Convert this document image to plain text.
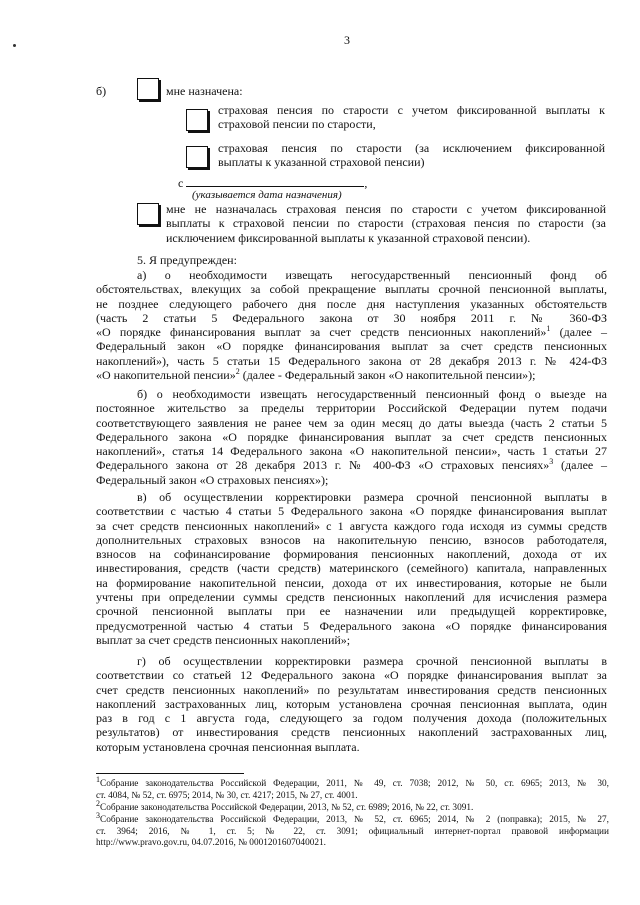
3
б)	мне назначена:
страховая пенсия по старости с учетом фиксированной выплаты к
страховой пенсии по старости,
страховая пенсия по старости (за исключением фиксированной
выплаты к указанной страховой пенсии)
с	,
(указывается дата назначения)
мне не назначалась страховая пенсия по старости с учетом фиксированной
выплаты к страховой пенсии по старости (страховая пенсия по старости (за
исключением фиксированной выплаты к указанной страховой пенсии).
5. Я предупрежден:
а) о необходимости извещать негосударственный пенсионный фонд об
обстоятельствах, влекущих за собой прекращение выплаты срочной пенсионной выплаты,
не позднее следующего рабочего дня после дня наступления указанных обстоятельств
(часть 2 статьи 5 Федерального закона от 30 ноября 2011 г. № 360-ФЗ
«О порядке финансирования выплат за счет средств пенсионных накоплений»$^1$ (далее –
Федеральный закон «О порядке финансирования выплат за счет средств пенсионных
накоплений»), часть 5 статьи 15 Федерального закона от 28 декабря 2013 г. № 424-ФЗ
«О накопительной пенсии»$^2$ (далее - Федеральный закон «О накопительной пенсии»);
б) о необходимости извещать негосударственный пенсионный фонд о выезде на
постоянное жительство за пределы территории Российской Федерации путем подачи
соответствующего заявления не ранее чем за один месяц до даты выезда (часть 2 статьи 5
Федерального закона «О порядке финансирования выплат за счет средств пенсионных
накоплений», статья 14 Федерального закона «О накопительной пенсии», часть 1 статьи 27
Федерального закона от 28 декабря 2013 г. № 400-ФЗ «О страховых пенсиях»$^3$ (далее –
Федеральный закон «О страховых пенсиях»);
в) об осуществлении корректировки размера срочной пенсионной выплаты в
соответствии с частью 4 статьи 5 Федерального закона «О порядке финансирования выплат
за счет средств пенсионных накоплений» с 1 августа каждого года исходя из суммы средств
дополнительных страховых взносов на накопительную пенсию, взносов работодателя,
взносов на софинансирование формирования пенсионных накоплений, дохода от их
инвестирования, средств (части средств) материнского (семейного) капитала, направленных
на формирование накопительной пенсии, дохода от их инвестирования, которые не были
учтены при определении суммы средств пенсионных накоплений для исчисления размера
срочной пенсионной выплаты при ее назначении или предыдущей корректировке,
предусмотренной частью 4 статьи 5 Федерального закона «О порядке финансирования
выплат за счет средств пенсионных накоплений»;
г) об осуществлении корректировки размера срочной пенсионной выплаты в
соответствии со статьей 12 Федерального закона «О порядке финансирования выплат за
счет средств пенсионных накоплений» по результатам инвестирования средств пенсионных
накоплений застрахованных лиц, которым установлена срочная пенсионная выплата, один
раз в год с 1 августа года, следующего за годом получения дохода (положительных
результатов) от инвестирования средств пенсионных накоплений застрахованных лиц,
которым установлена срочная пенсионная выплата.
$^1$Собрание законодательства Российской Федерации, 2011, № 49, ст. 7038; 2012, № 50, ст. 6965; 2013, № 30,
ст. 4084, № 52, ст. 6975; 2014, № 30, ст. 4217; 2015, № 27, ст. 4001.
$^2$Собрание законодательства Российской Федерации, 2013, № 52, ст. 6989; 2016, № 22, ст. 3091.
$^3$Собрание законодательства Российской Федерации, 2013, № 52, ст. 6965; 2014, № 2 (поправка); 2015, № 27,
ст. 3964; 2016, № 1, ст. 5; № 22, ст. 3091; официальный интернет-портал правовой информации
http://www.pravo.gov.ru, 04.07.2016, № 0001201607040021.
